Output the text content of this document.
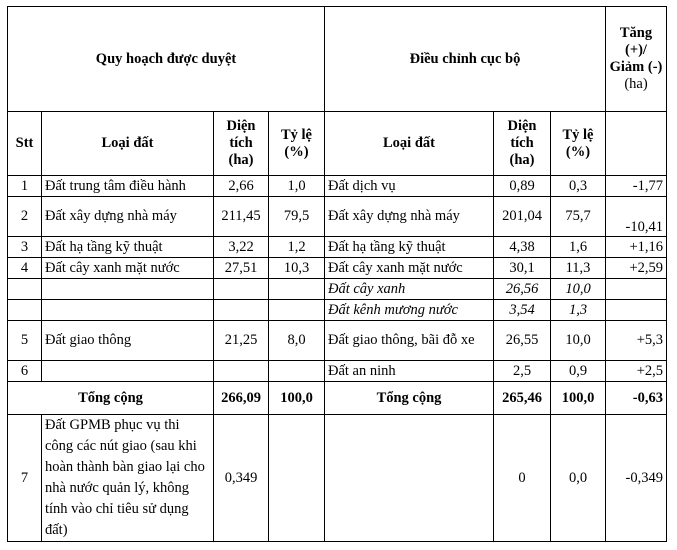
Quy hoạch được duyệt				Điều chỉnh cục bộ			Tăng (+)/ Giảm (-)
(ha)

Stt	Loại đất	Diện tích (ha)	Tỷ lệ (%)	Loại đất	Diện tích (ha)	Tỷ lệ (%)	
1	Đất trung tâm điều hành	2,66	1,0	Đất dịch vụ	0,89	0,3	-1,77
2	Đất xây dựng nhà máy	211,45	79,5	Đất xây dựng nhà máy	201,04	75,7	-10,41
3	Đất hạ tầng kỹ thuật	3,22	1,2	Đất hạ tầng kỹ thuật	4,38	1,6	+1,16
4	Đất cây xanh mặt nước	27,51	10,3	Đất cây xanh mặt nước	30,1	11,3	+2,59
				Đất cây xanh	26,56	10,0	
				Đất kênh mương nước	3,54	1,3	
5	Đất giao thông	21,25	8,0	Đất giao thông, bãi đỗ xe	26,55	10,0	+5,3
6				Đất an ninh	2,5	0,9	+2,5
Tổng cộng		266,09	100,0	Tổng cộng	265,46	100,0	-0,63
7	Đất GPMB phục vụ thi công các nút giao (sau khi hoàn thành bàn giao lại cho nhà nước quản lý, không tính vào chỉ tiêu sử dụng đất)	0,349			0	0,0	-0,349
